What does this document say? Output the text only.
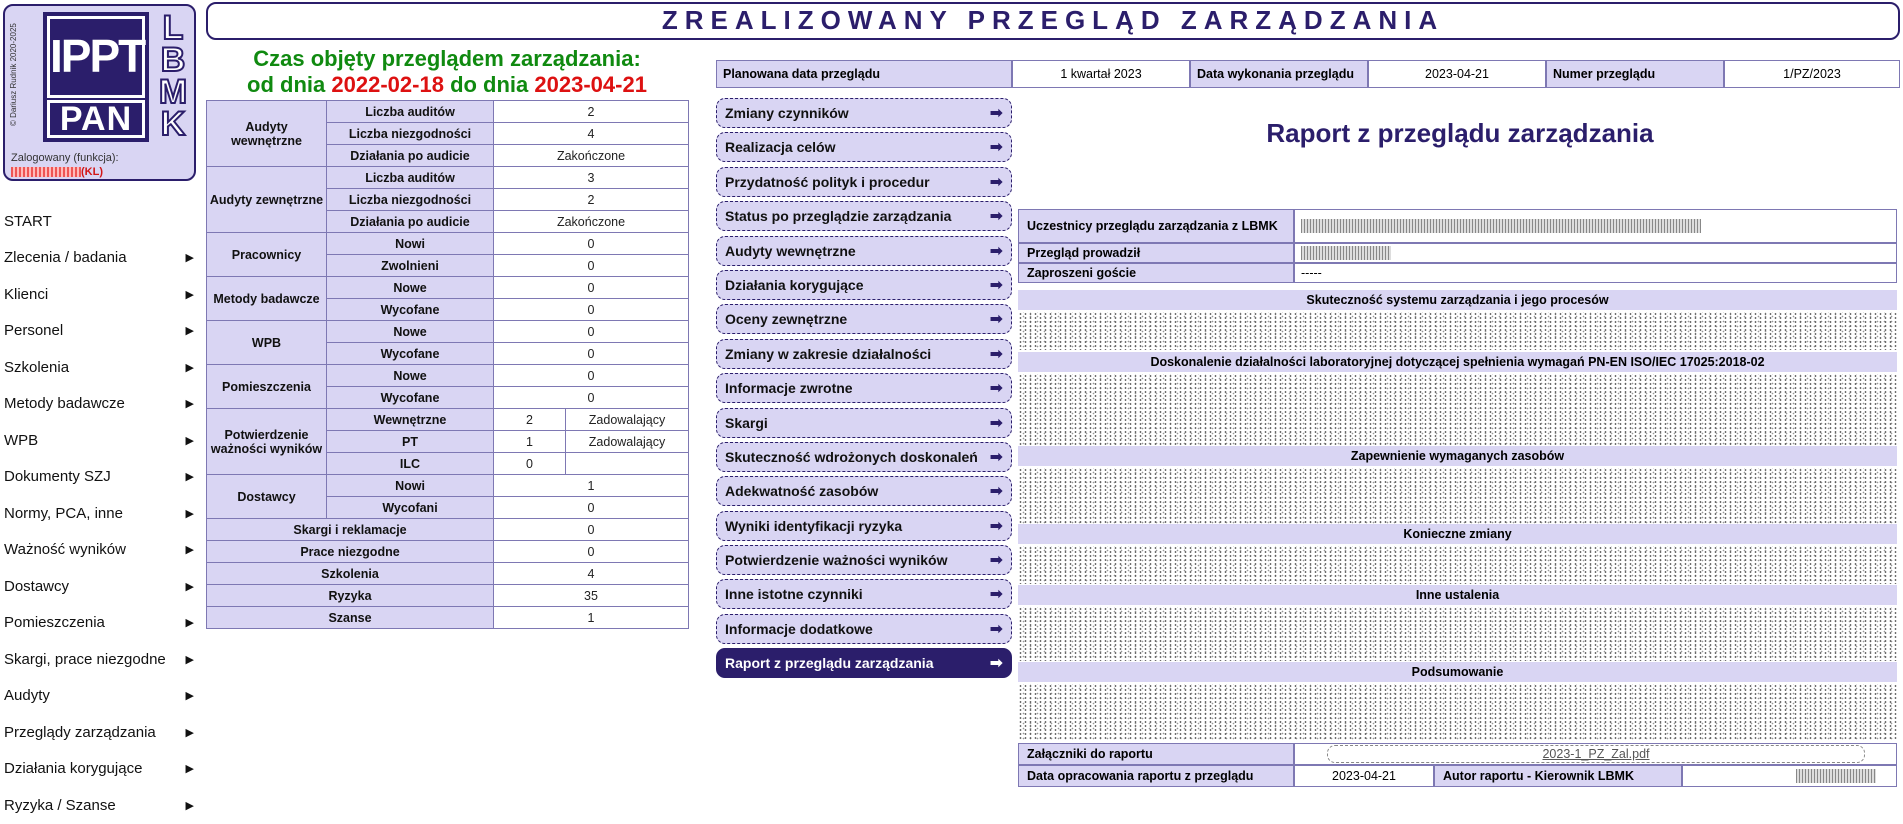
© Dariusz Rudnik 2020-2025 IPPT
PAN
L
B
M
K
Zalogowany (funkcja):
(KL)
START
Zlecenia / badania	▶
Klienci	▶
Personel	▶
Szkolenia	▶
Metody badawcze	▶
WPB	▶
Dokumenty SZJ	▶
Normy, PCA, inne	▶
Ważność wyników	▶
Dostawcy	▶
Pomieszczenia	▶
Skargi, prace niezgodne ▶
Audyty	▶
Przeglądy zarządzania	▶
Działania korygujące	▶
Ryzyka / Szanse	▶
ZREALIZOWANY PRZEGLĄD ZARZĄDZANIA
Czas objęty przeglądem zarządzania:
od dnia 2022-02-18 do dnia 2023-04-21
Audyty wewnętrzne	Liczba auditów	2	
	Liczba niezgodności	4	
	Działania po audicie	Zakończone	
Audyty zewnętrzne	Liczba auditów	3	
	Liczba niezgodności	2	
	Działania po audicie	Zakończone	
Pracownicy	Nowi	0	
	Zwolnieni	0	
Metody badawcze	Nowe	0	
	Wycofane	0	
WPB	Nowe	0	
	Wycofane	0	
Pomieszczenia	Nowe	0	
	Wycofane	0	
Potwierdzenie ważności wyników	Wewnętrzne	2	Zadowalający
	PT	1	Zadowalający
	ILC	0	
Dostawcy	Nowi	1	
	Wycofani	0	
Skargi i reklamacje		0	
Prace niezgodne		0	
Szkolenia		4	
Ryzyka		35	
Szanse		1	
Planowana data przeglądu	1 kwartał 2023	Data wykonania przeglądu	2023-04-21	Numer przeglądu	1/PZ/2023
Zmiany czynników	➡
Realizacja celów	➡
Przydatność polityk i procedur	➡
Status po przeglądzie zarządzania ➡
Audyty wewnętrzne	➡
Działania korygujące	➡
Oceny zewnętrzne	➡
Zmiany w zakresie działalności	➡
Informacje zwrotne	➡
Skargi	➡
Skuteczność wdrożonych doskonaleń ➡
Adekwatność zasobów	➡
Wyniki identyfikacji ryzyka	➡
Potwierdzenie ważności wyników	➡
Inne istotne czynniki	➡
Informacje dodatkowe	➡
Raport z przeglądu zarządzania	➡
Raport z przeglądu zarządzania
Uczestnicy przeglądu zarządzania z LBMK
Przegląd prowadził
Zaproszeni goście	-----
Skuteczność systemu zarządzania i jego procesów
Doskonalenie działalności laboratoryjnej dotyczącej spełnienia wymagań PN-EN ISO/IEC 17025:2018-02
Zapewnienie wymaganych zasobów
Konieczne zmiany
Inne ustalenia
Podsumowanie
Załączniki do raportu	2023-1_PZ_Zal.pdf
Data opracowania raportu z przeglądu	2023-04-21	Autor raportu - Kierownik LBMK
